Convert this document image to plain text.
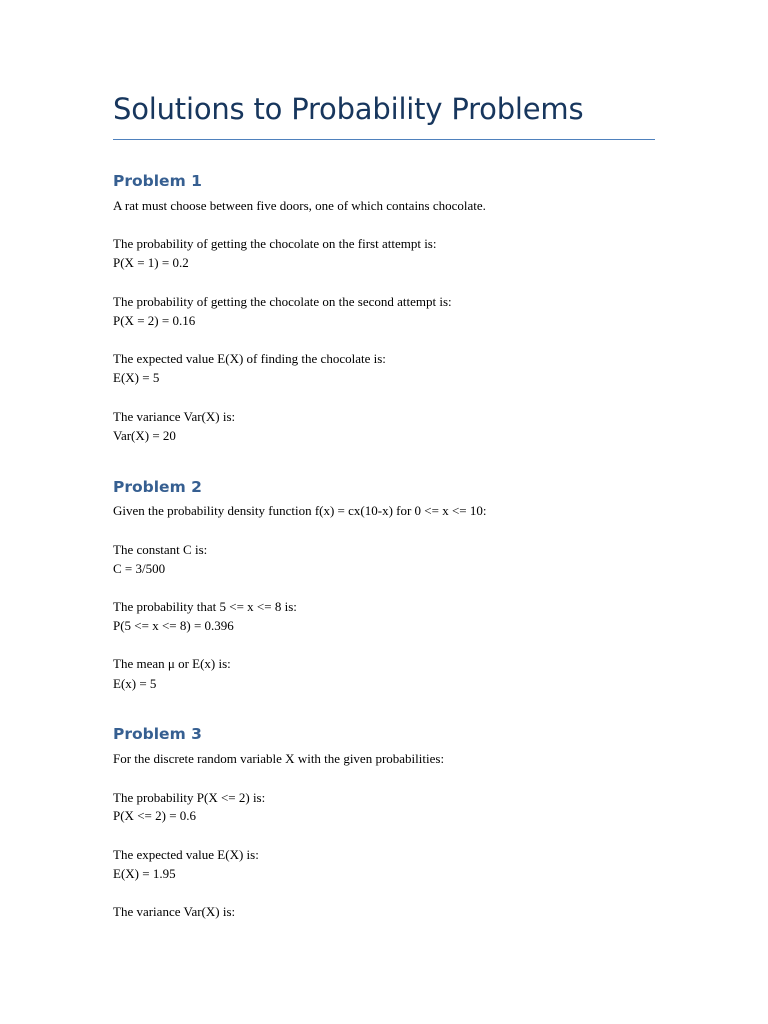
Solutions to Probability Problems
Problem 1

A rat must choose between five doors, one of which contains chocolate.

The probability of getting the chocolate on the first attempt is:

P(X = 1) = 0.2

The probability of getting the chocolate on the second attempt is:

P(X = 2) = 0.16

The expected value E(X) of finding the chocolate is:

E(X) = 5

The variance Var(X) is:

Var(X) = 20

Problem 2

Given the probability density function f(x) = cx(10-x) for 0 <= x <= 10:

The constant C is:

C = 3/500

The probability that 5 <= x <= 8 is:

P(5 <= x <= 8) = 0.396

The mean μ or E(x) is:

E(x) = 5

Problem 3

For the discrete random variable X with the given probabilities:

The probability P(X <= 2) is:

P(X <= 2) = 0.6

The expected value E(X) is:

E(X) = 1.95

The variance Var(X) is:
